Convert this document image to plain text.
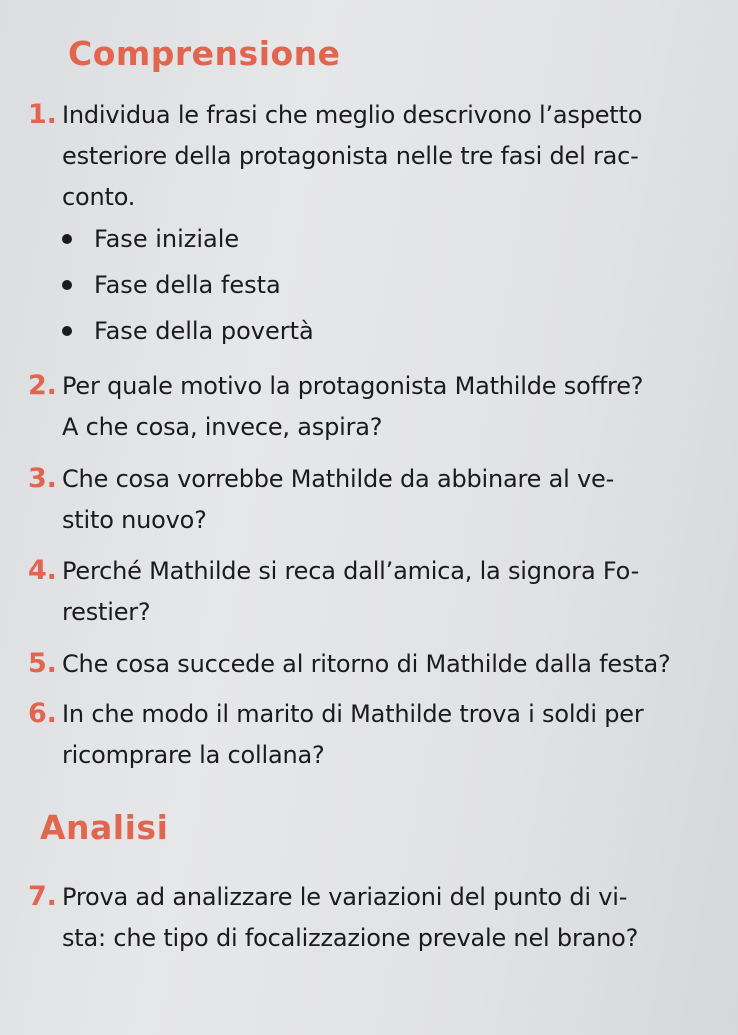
Comprensione
1. Individua le frasi che meglio descrivono l’aspetto
esteriore della protagonista nelle tre fasi del rac-
conto.
Fase iniziale
Fase della festa
Fase della povertà
2. Per quale motivo la protagonista Mathilde soffre?
A che cosa, invece, aspira?
3. Che cosa vorrebbe Mathilde da abbinare al ve-
stito nuovo?
4. Perché Mathilde si reca dall’amica, la signora Fo-
restier?
5. Che cosa succede al ritorno di Mathilde dalla festa?
6. In che modo il marito di Mathilde trova i soldi per
ricomprare la collana?
Analisi
7. Prova ad analizzare le variazioni del punto di vi-
sta: che tipo di focalizzazione prevale nel brano?
